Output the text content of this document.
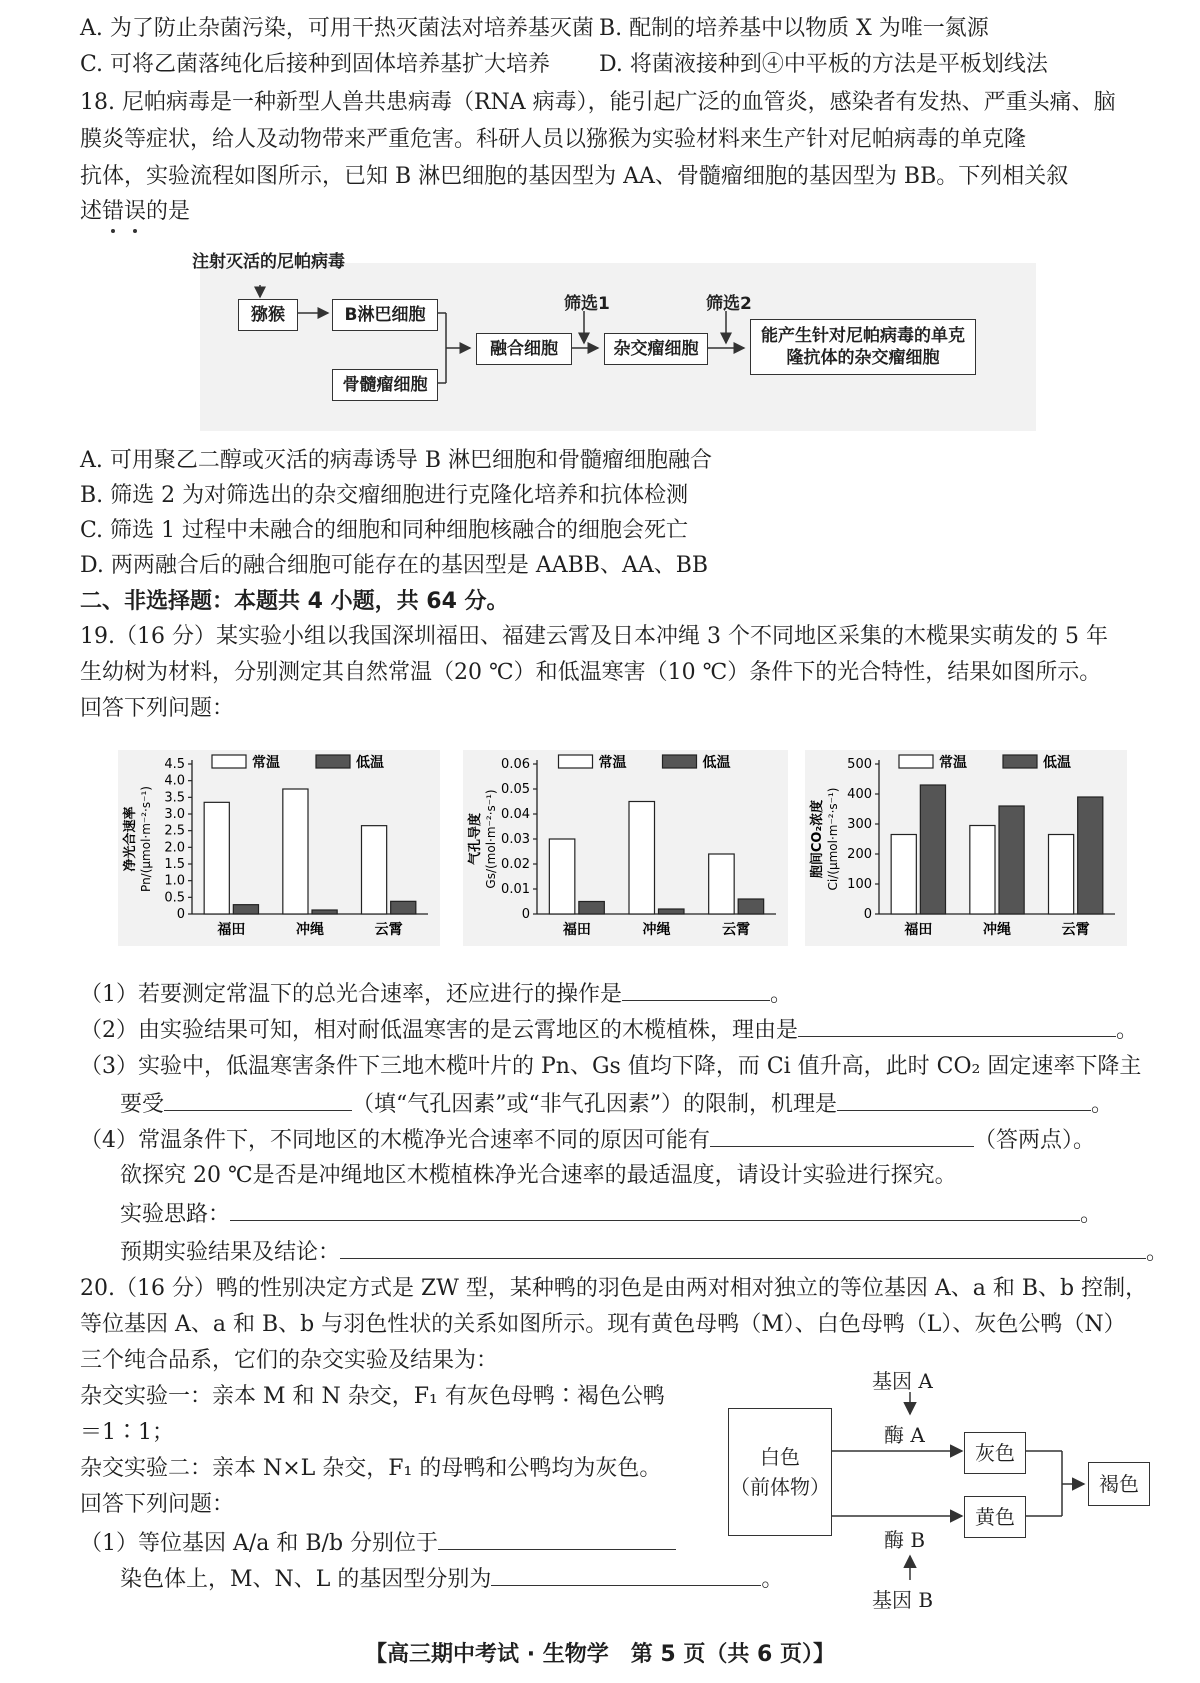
A. 为了防止杂菌污染，可用干热灭菌法对培养基灭菌 B. 配制的培养基中以物质 X 为唯一氮源
C. 可将乙菌落纯化后接种到固体培养基扩大培养 D. 将菌液接种到④中平板的方法是平板划线法
18. 尼帕病毒是一种新型人兽共患病毒（RNA 病毒），能引起广泛的血管炎，感染者有发热、严重头痛、脑
膜炎等症状，给人及动物带来严重危害。科研人员以猕猴为实验材料来生产针对尼帕病毒的单克隆
抗体，实验流程如图所示，已知 B 淋巴细胞的基因型为 AA、骨髓瘤细胞的基因型为 BB。下列相关叙
述错误的是
注射灭活的尼帕病毒
猕猴	B淋巴细胞
骨髓瘤细胞
融合细胞
筛选1
杂交瘤细胞
筛选2
能产生针对尼帕病毒的单克隆抗体的杂交瘤细胞
A. 可用聚乙二醇或灭活的病毒诱导 B 淋巴细胞和骨髓瘤细胞融合
B. 筛选 2 为对筛选出的杂交瘤细胞进行克隆化培养和抗体检测
C. 筛选 1 过程中未融合的细胞和同种细胞核融合的细胞会死亡
D. 两两融合后的融合细胞可能存在的基因型是 AABB、AA、BB
二、非选择题：本题共 4 小题，共 64 分。
19.（16 分）某实验小组以我国深圳福田、福建云霄及日本冲绳 3 个不同地区采集的木榄果实萌发的 5 年
生幼树为材料，分别测定其自然常温（20 ℃）和低温寒害（10 ℃）条件下的光合特性，结果如图所示。
回答下列问题：
净光合速率 Pn/(μmol·m⁻²·s⁻¹)
0
0.5
1.0
1.5
2.0
2.5
3.0
3.5
4.0
4.5
福田	冲绳	云霄
常温	低温
气孔导度 Gs/(mol·m⁻²·s⁻¹)
0
0.01
0.02
0.03
0.04
0.05
0.06
福田	冲绳	云霄
常温	低温
胞间CO₂浓度 Ci/(μmol·m⁻²·s⁻¹)
0
100
200
300
400
500
福田	冲绳	云霄
常温	低温
（1）若要测定常温下的总光合速率，还应进行的操作是	。
（2）由实验结果可知，相对耐低温寒害的是云霄地区的木榄植株，理由是	。
（3）实验中，低温寒害条件下三地木榄叶片的 Pn、Gs 值均下降，而 Ci 值升高，此时 CO₂ 固定速率下降主
要受	（填“气孔因素”或“非气孔因素”）的限制，机理是	。
（4）常温条件下，不同地区的木榄净光合速率不同的原因可能有	（答两点）。
欲探究 20 ℃是否是冲绳地区木榄植株净光合速率的最适温度，请设计实验进行探究。
实验思路：	。
预期实验结果及结论：	。
20.（16 分）鸭的性别决定方式是 ZW 型，某种鸭的羽色是由两对相对独立的等位基因 A、a 和 B、b 控制，
等位基因 A、a 和 B、b 与羽色性状的关系如图所示。现有黄色母鸭（M）、白色母鸭（L）、灰色公鸭（N）
三个纯合品系，它们的杂交实验及结果为：
杂交实验一：亲本 M 和 N 杂交，F₁ 有灰色母鸭∶褐色公鸭
＝1∶1；
杂交实验二：亲本 N×L 杂交，F₁ 的母鸭和公鸭均为灰色。
回答下列问题：
（1）等位基因 A/a 和 B/b 分别位于
染色体上，M、N、L 的基因型分别为	。
基因 A
酶 A
白色
（前体物）
灰色
黄色
褐色
酶 B
基因 B
【高三期中考试 · 生物学　第 5 页（共 6 页）】
